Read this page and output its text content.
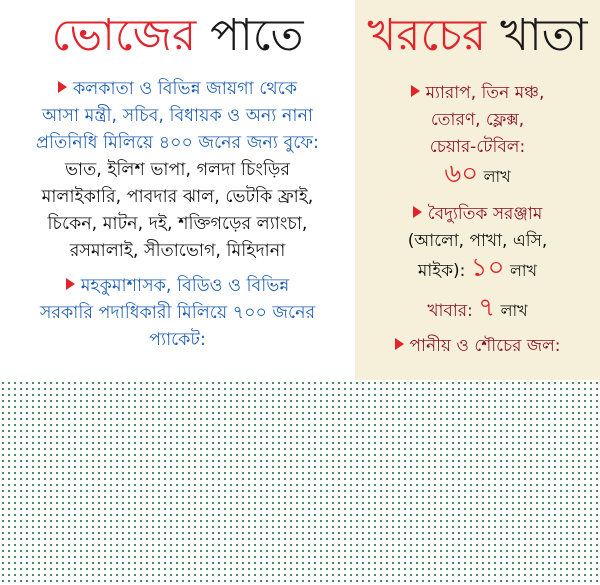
ভোজের পাতে

কলকাতা ও বিভিন্ন জায়গা থেকে
আসা মন্ত্রী, সচিব, বিধায়ক ও অন্য নানা
প্রতিনিধি মিলিয়ে ৪০০ জনের জন্য বুফে:
ভাত, ইলিশ ভাপা, গলদা চিংড়ির
মালাইকারি, পাবদার ঝাল, ভেটকি ফ্রাই,
চিকেন, মাটন, দই, শক্তিগড়ের ল্যাংচা,
রসমালাই, সীতাভোগ, মিহিদানা

মহকুমাশাসক, বিডিও ও বিভিন্ন
সরকারি পদাধিকারী মিলিয়ে ৭০০ জনের
প্যাকেট:

খরচের খাতা

ম্যারাপ, তিন মঞ্চ,
তোরণ, ফ্লেক্স,
চেয়ার-টেবিল:
৬০ লাখ

বৈদ্যুতিক সরঞ্জাম
(আলো, পাখা, এসি,
মাইক): ১০ লাখ

খাবার: ৭ লাখ

পানীয় ও শৌচের জল:
